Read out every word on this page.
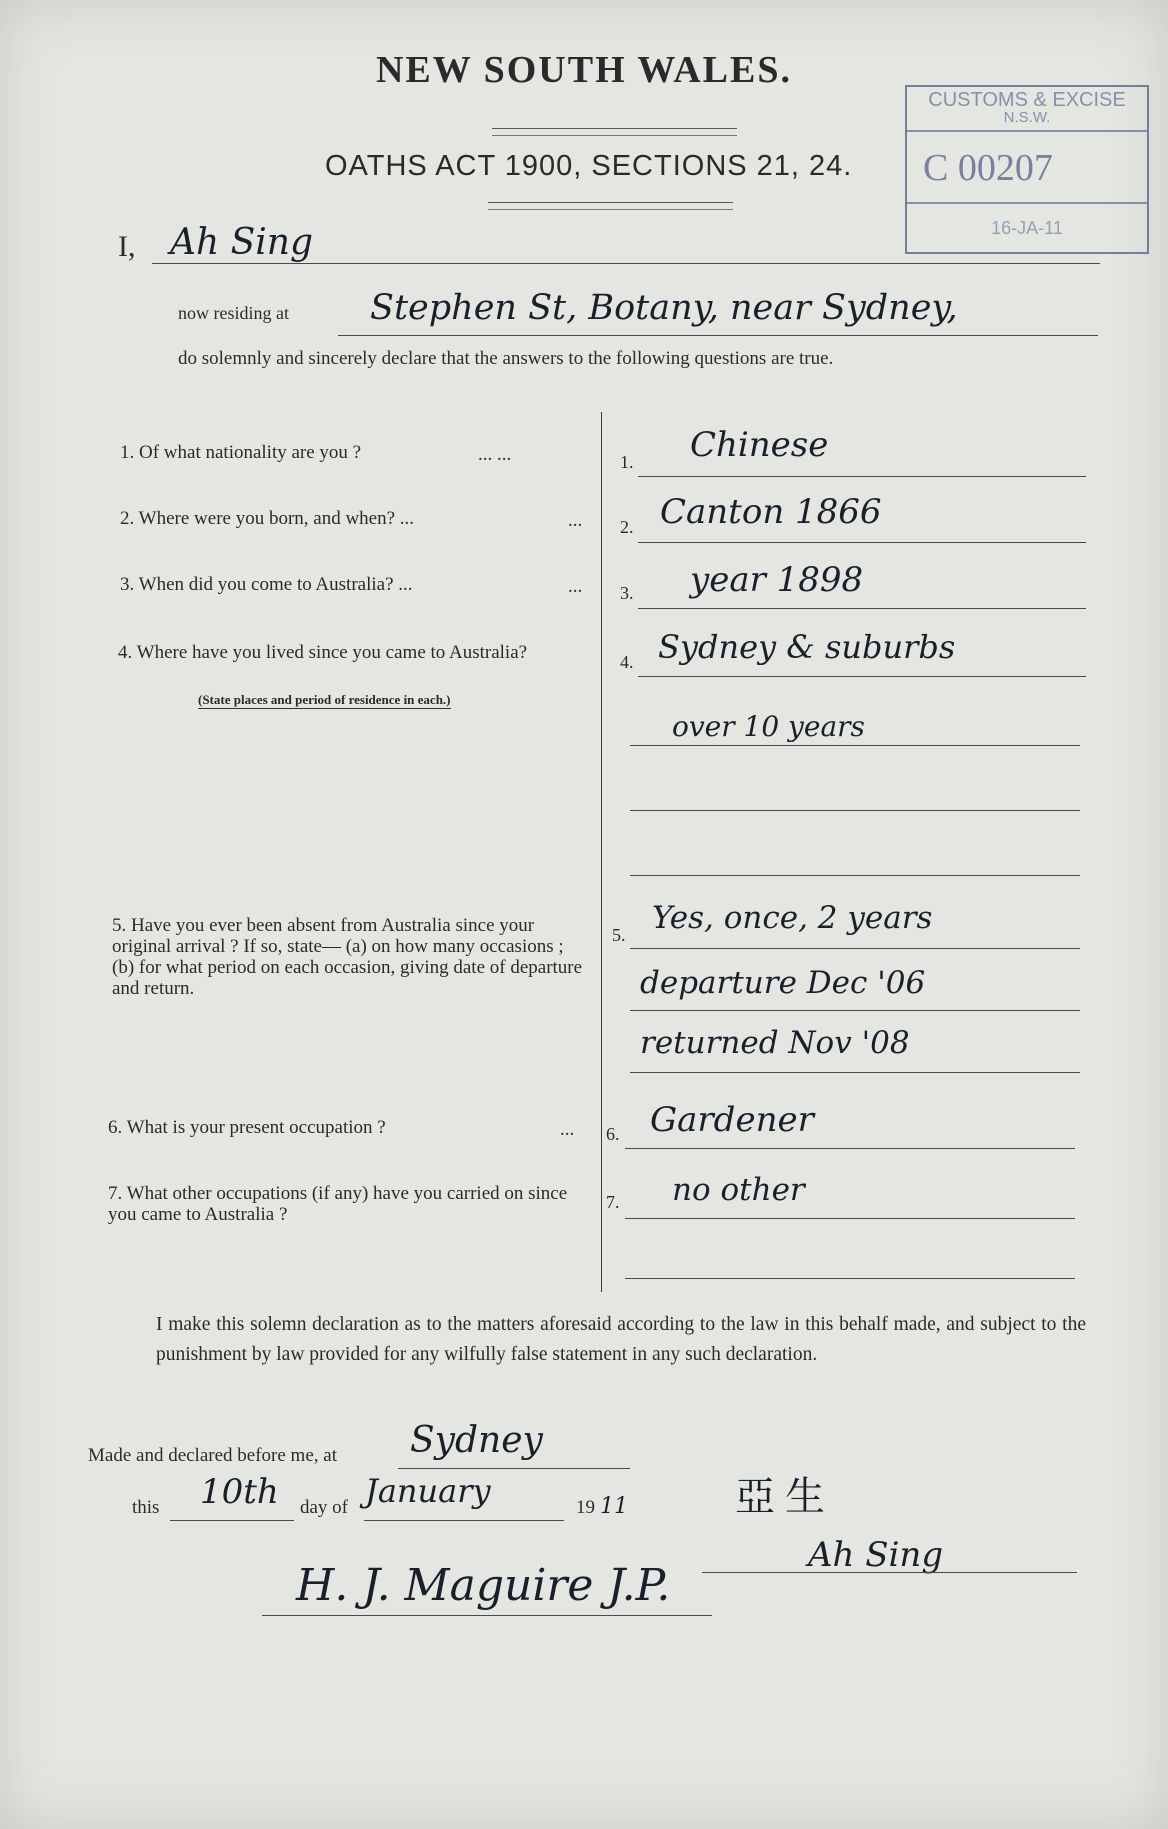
NEW SOUTH WALES.
OATHS ACT 1900, SECTIONS 21, 24.
CUSTOMS & EXCISE
N.S.W.
C 00207
16-JA-11
I, Ah Sing
now residing at Stephen St, Botany, near Sydney,
do solemnly and sincerely declare that the answers to the following questions are true.
1. Of what nationality are you ?	... ...	1. Chinese
2. Where were you born, and when? ...	... 2. Canton 1866
3. When did you come to Australia? ...	... 3. year 1898
4. Where have you lived since you came to Australia?
(State places and period of residence in each.)
4. Sydney & suburbs
over 10 years
5. Have you ever been absent from Australia since your original arrival ? If so, state— (a) on how many occasions ; (b) for what period on each occasion, giving date of departure and return.
5. Yes, once, 2 years
departure Dec '06
returned Nov '08
6. What is your present occupation ?	... 6. Gardener
7. What other occupations (if any) have you carried on since you came to Australia ?
7. no other
I make this solemn declaration as to the matters aforesaid according to the law in this behalf made, and subject to the punishment by law provided for any wilfully false statement in any such declaration.
Made and declared before me, at Sydney
this 10th day of January	19 11	亞 生
Ah Sing
H. J. Maguire J.P.
